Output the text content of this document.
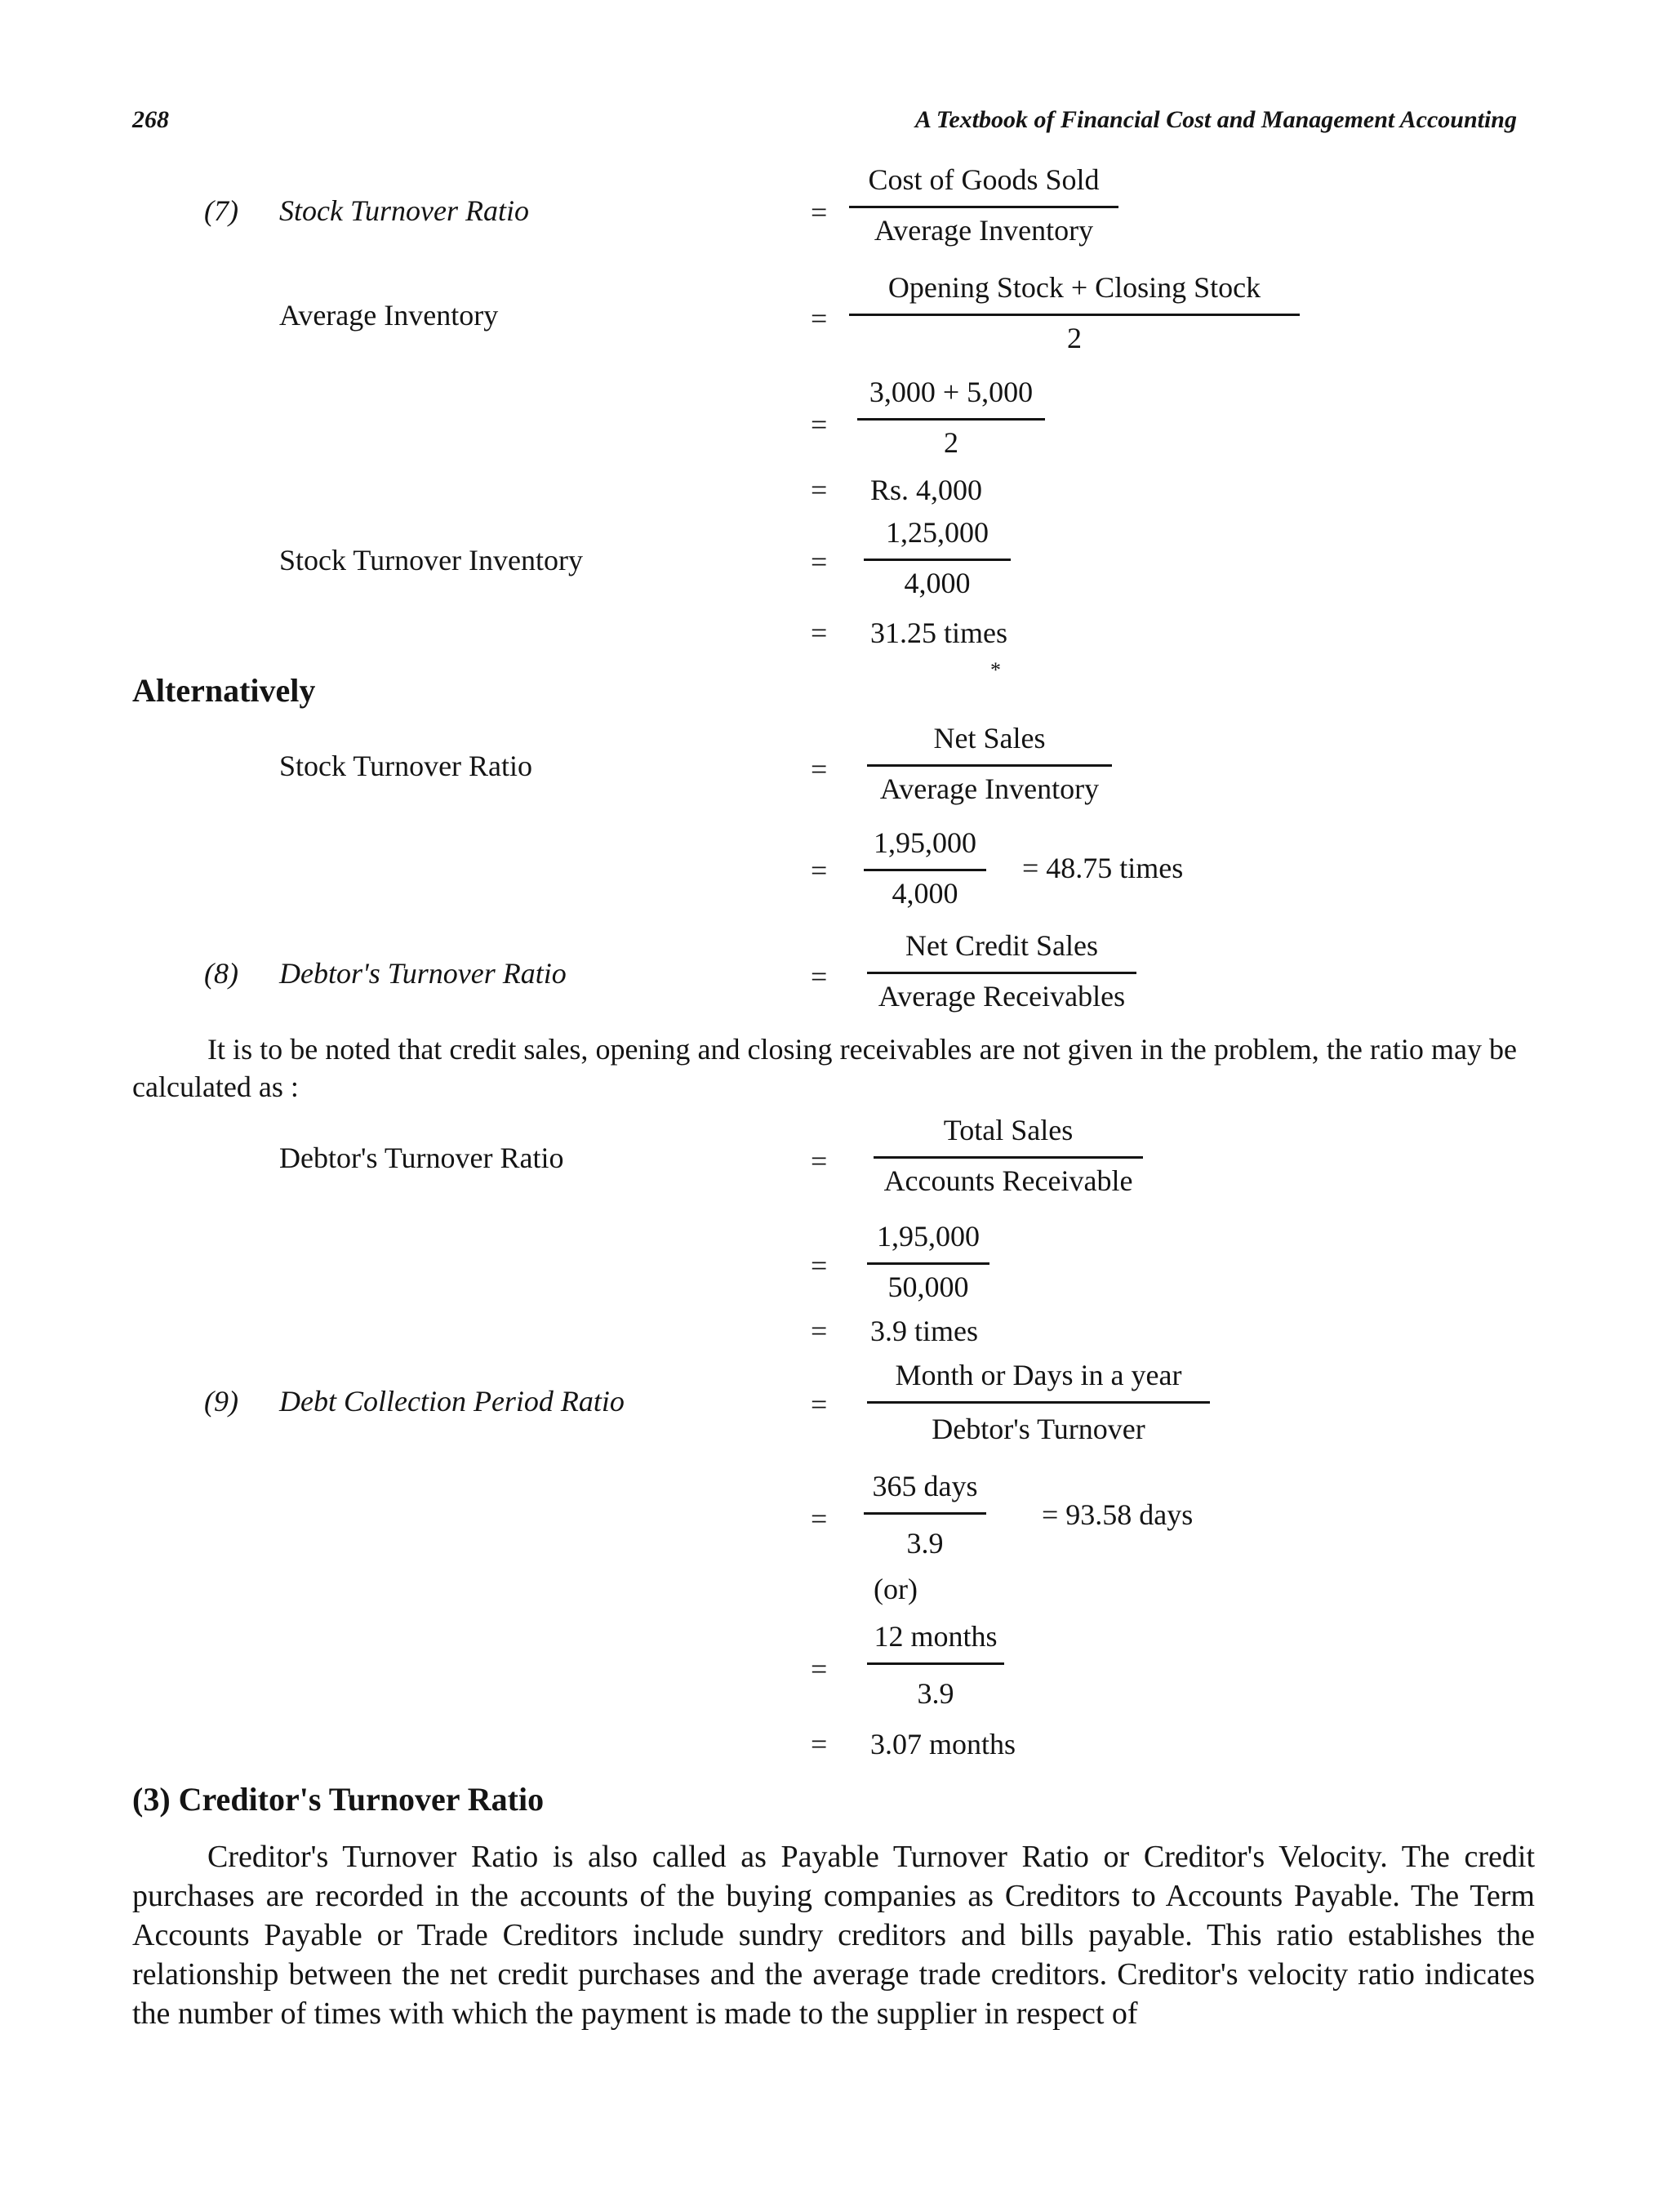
268	A Textbook of Financial Cost and Management Accounting
(7) Stock Turnover Ratio	=
Cost of Goods Sold
Average Inventory
Average Inventory	=
Opening Stock + Closing Stock
2
=
3,000 + 5,000
2
= Rs. 4,000
Stock Turnover Inventory	=
1,25,000
4,000
= 31.25 times
*
Alternatively
Stock Turnover Ratio	=
Net Sales
Average Inventory
=
1,95,000
4,000
= 48.75 times
(8) Debtor's Turnover Ratio	=
Net Credit Sales
Average Receivables
It is to be noted that credit sales, opening and closing receivables are not given in the problem, the ratio may be calculated as :
Debtor's Turnover Ratio	=
Total Sales
Accounts Receivable
=
1,95,000
50,000
= 3.9 times
(9) Debt Collection Period Ratio	=
Month or Days in a year
Debtor's Turnover
=
365 days
3.9
= 93.58 days
(or)
=
12 months
3.9
= 3.07 months
(3) Creditor's Turnover Ratio
Creditor's Turnover Ratio is also called as Payable Turnover Ratio or Creditor's Velocity. The credit purchases are recorded in the accounts of the buying companies as Creditors to Accounts Payable. The Term Accounts Payable or Trade Creditors include sundry creditors and bills payable. This ratio establishes the relationship between the net credit purchases and the average trade creditors. Creditor's velocity ratio indicates the number of times with which the payment is made to the supplier in respect of
